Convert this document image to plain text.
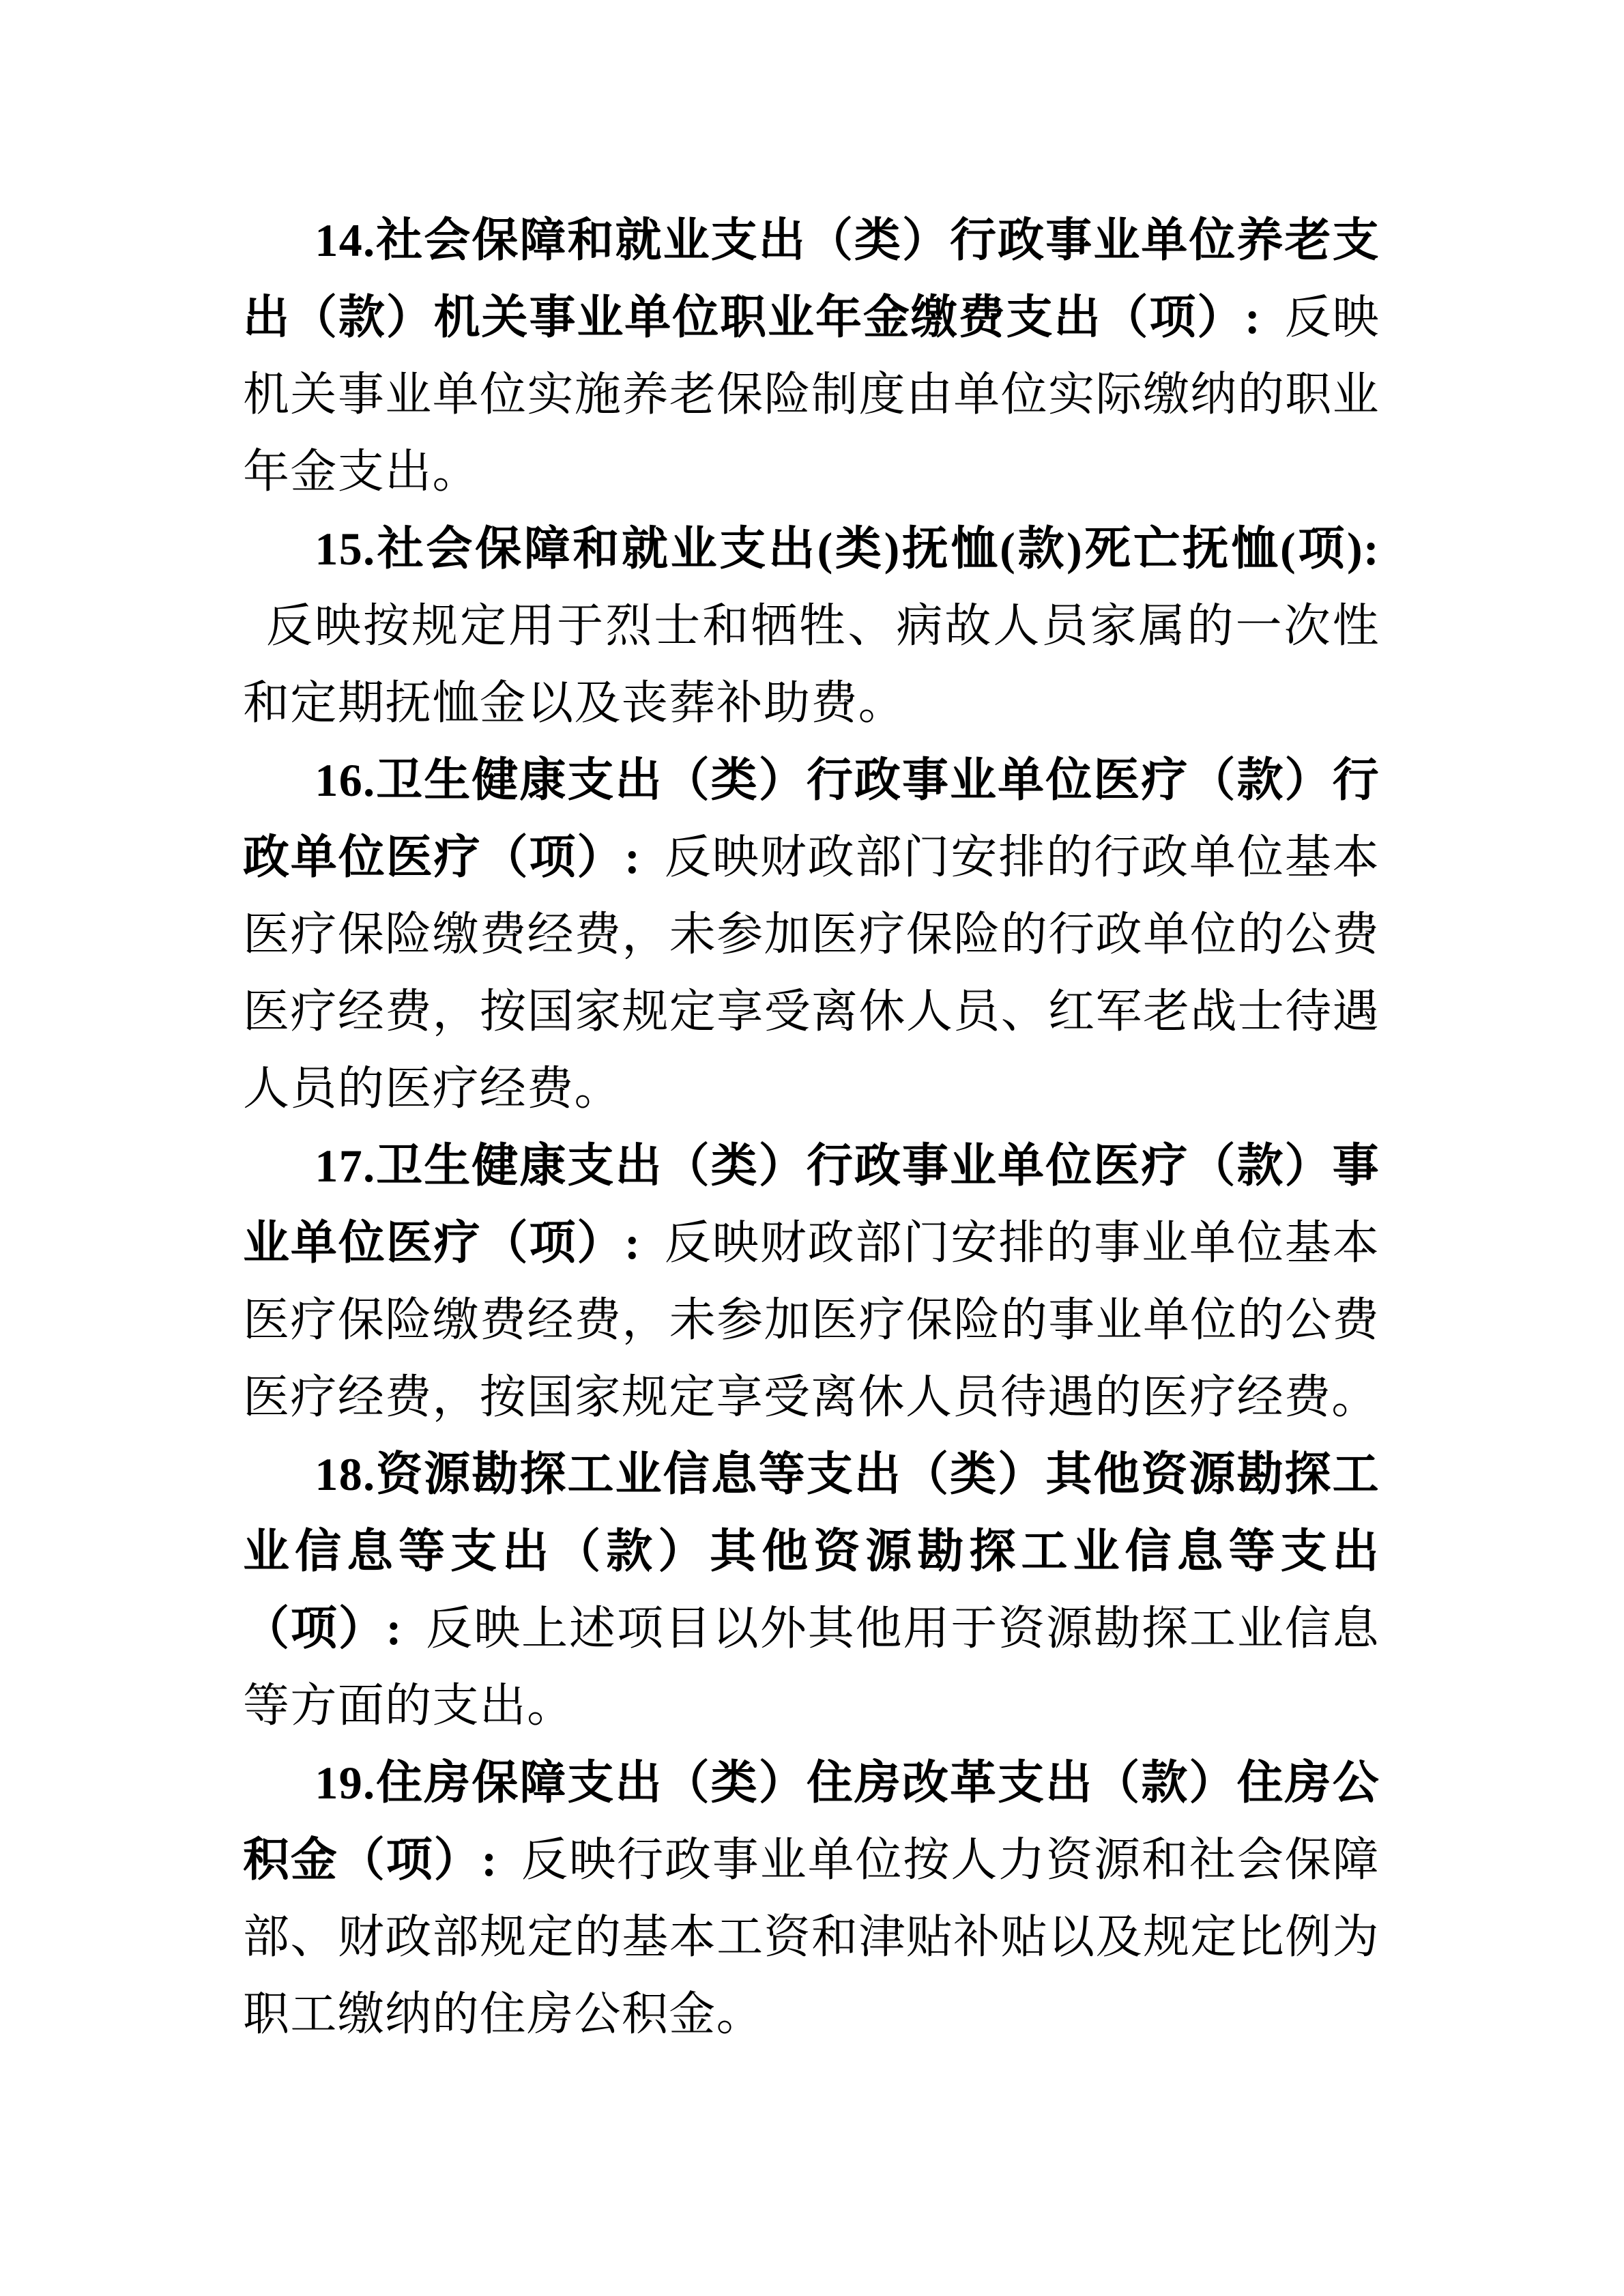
14.社会保障和就业支出（类）行政事业单位养老支出（款）机关事业单位职业年金缴费支出（项）: 反映机关事业单位实施养老保险制度由单位实际缴纳的职业年金支出。

15.社会保障和就业支出(类)抚恤(款)死亡抚恤(项):反映按规定用于烈士和牺牲、病故人员家属的一次性和定期抚恤金以及丧葬补助费。

16.卫生健康支出（类）行政事业单位医疗（款）行政单位医疗（项）: 反映财政部门安排的行政单位基本医疗保险缴费经费，未参加医疗保险的行政单位的公费医疗经费，按国家规定享受离休人员、红军老战士待遇人员的医疗经费。

17.卫生健康支出（类）行政事业单位医疗（款）事业单位医疗（项）: 反映财政部门安排的事业单位基本医疗保险缴费经费，未参加医疗保险的事业单位的公费医疗经费，按国家规定享受离休人员待遇的医疗经费。

18.资源勘探工业信息等支出（类）其他资源勘探工业信息等支出（款）其他资源勘探工业信息等支出（项）: 反映上述项目以外其他用于资源勘探工业信息等方面的支出。

19.住房保障支出（类）住房改革支出（款）住房公积金（项）: 反映行政事业单位按人力资源和社会保障部、财政部规定的基本工资和津贴补贴以及规定比例为职工缴纳的住房公积金。
